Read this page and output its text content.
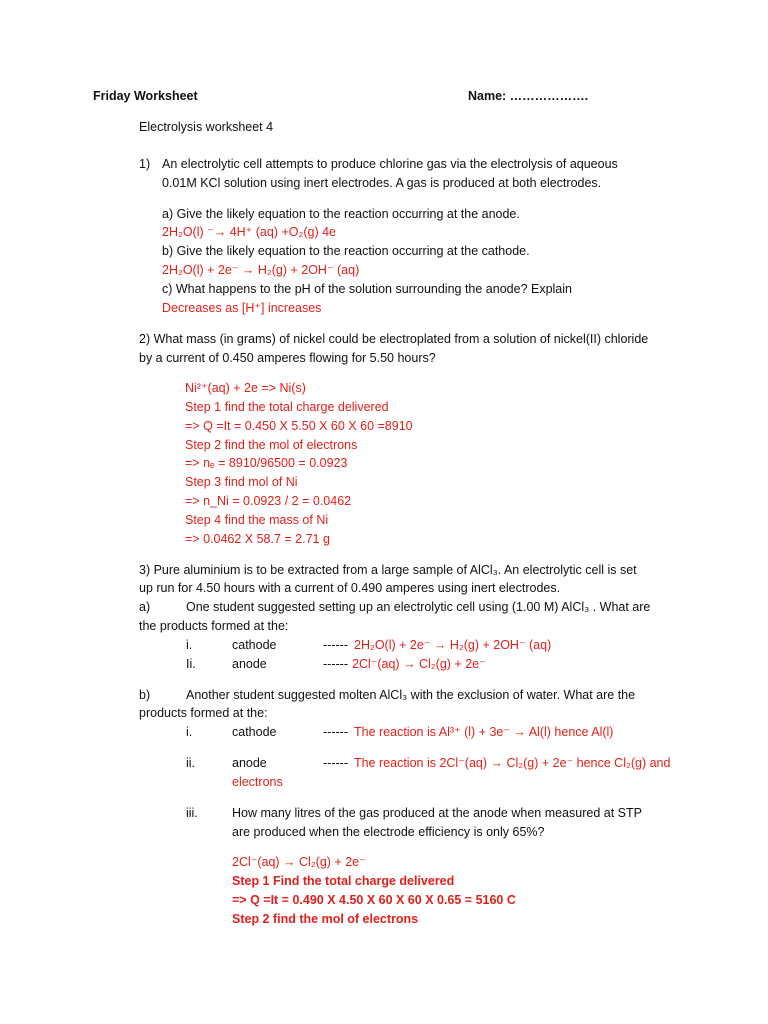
Friday Worksheet	Name: ……………….
Electrolysis worksheet 4
1) An electrolytic cell attempts to produce chlorine gas via the electrolysis of aqueous
0.01M KCl solution using inert electrodes. A gas is produced at both electrodes.
a) Give the likely equation to the reaction occurring at the anode.
2H₂O(l) ⁻→ 4H⁺ (aq) +O₂(g) 4e
b) Give the likely equation to the reaction occurring at the cathode.
2H₂O(l) + 2e⁻ → H₂(g) + 2OH⁻ (aq)
c) What happens to the pH of the solution surrounding the anode? Explain
Decreases as [H⁺] increases
2) What mass (in grams) of nickel could be electroplated from a solution of nickel(II) chloride
by a current of 0.450 amperes flowing for 5.50 hours?
Ni²⁺(aq) + 2e => Ni(s)
Step 1 find the total charge delivered
=> Q =It = 0.450 X 5.50 X 60 X 60 =8910
Step 2 find the mol of electrons
=> nₑ = 8910/96500 = 0.0923
Step 3 find mol of Ni
=> n_Ni = 0.0923 / 2 = 0.0462
Step 4 find the mass of Ni
=> 0.0462 X 58.7 = 2.71 g
3) Pure aluminium is to be extracted from a large sample of AlCl₃. An electrolytic cell is set
up run for 4.50 hours with a current of 0.490 amperes using inert electrodes.
a)	One student suggested setting up an electrolytic cell using (1.00 M) AlCl₃ . What are
the products formed at the:
i.	cathode	------ 2H₂O(l) + 2e⁻ → H₂(g) + 2OH⁻ (aq)
Ii.	anode	------ 2Cl⁻(aq) → Cl₂(g) + 2e⁻
b)	Another student suggested molten AlCl₃ with the exclusion of water. What are the
products formed at the:
i.	cathode	------ The reaction is Al³⁺ (l) + 3e⁻ → Al(l) hence Al(l)
ii.	anode	------ The reaction is 2Cl⁻(aq) → Cl₂(g) + 2e⁻ hence Cl₂(g) and
electrons
iii.	How many litres of the gas produced at the anode when measured at STP
are produced when the electrode efficiency is only 65%?
2Cl⁻(aq) → Cl₂(g) + 2e⁻
Step 1 Find the total charge delivered
=> Q =It = 0.490 X 4.50 X 60 X 60 X 0.65 = 5160 C
Step 2 find the mol of electrons
